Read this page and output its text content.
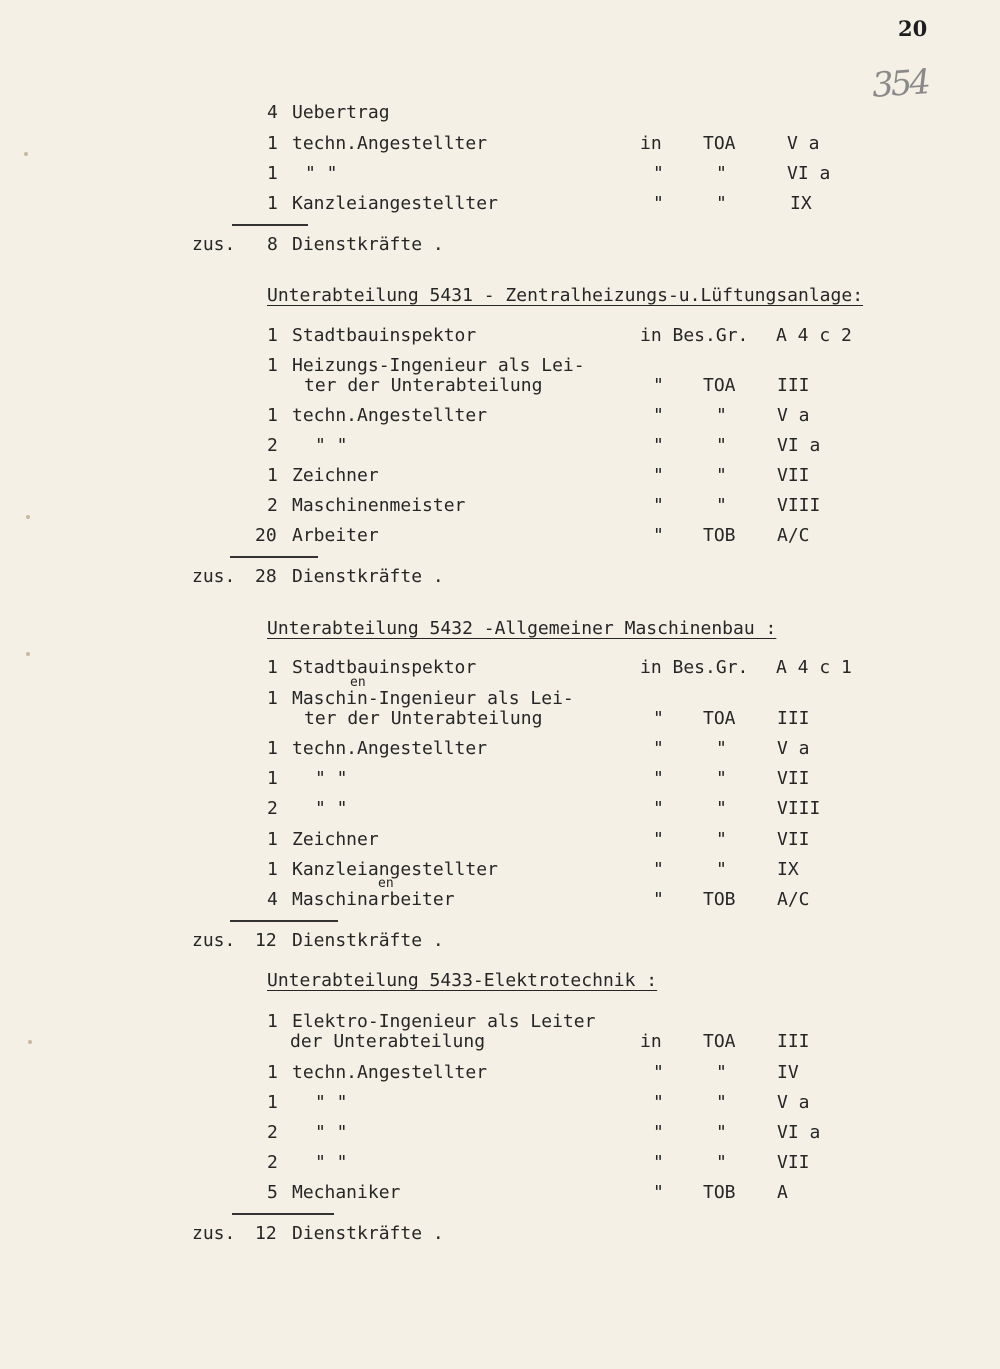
20
354
4 Uebertrag
1 techn.Angestellter	in TOA	V a
1 " "	"	"	VI a
1 Kanzleiangestellter	"	"	IX
zus. 8 Dienstkräfte .
Unterabteilung 5431 - Zentralheizungs-u.Lüftungsanlage:
1 Stadtbauinspektor	in Bes.Gr. A 4 c 2
1 Heizungs-Ingenieur als Lei-
ter der Unterabteilung	" TOA III
1 techn.Angestellter	"	"	V a
2 " "	"	"	VI a
1 Zeichner	"	"	VII
2 Maschinenmeister	"	"	VIII
20 Arbeiter	" TOB A/C
zus. 28 Dienstkräfte .
Unterabteilung 5432 -Allgemeiner Maschinenbau :
1 Stadtbauinspektor	in Bes.Gr. A 4 c 1
en
1 Maschin-Ingenieur als Lei-
ter der Unterabteilung	" TOA III
1 techn.Angestellter	"	"	V a
1 " "	"	"	VII
2 " "	"	"	VIII
1 Zeichner	"	"	VII
1 Kanzleiangestellter	"	"	IX
en
4 Maschinarbeiter	" TOB A/C
zus. 12 Dienstkräfte .
Unterabteilung 5433-Elektrotechnik :
1 Elektro-Ingenieur als Leiter
der Unterabteilung	in TOA III
1 techn.Angestellter	"	"	IV
1 " "	"	"	V a
2 " "	"	"	VI a
2 " "	"	"	VII
5 Mechaniker	" TOB A
zus. 12 Dienstkräfte .
